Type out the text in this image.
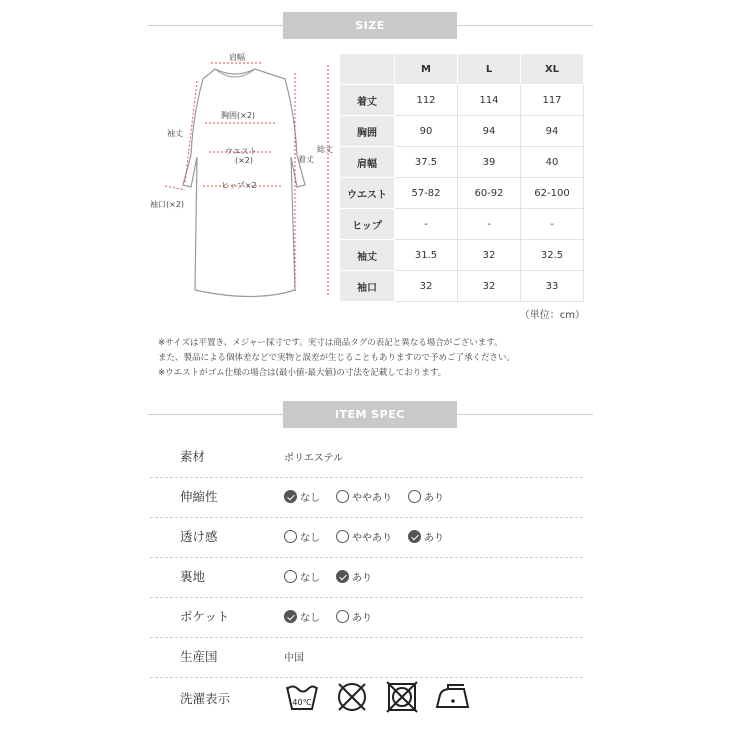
SIZE
肩幅
袖丈
胸囲(×2)
ウエスト
(×2)
ヒップ×2
袖口(×2)
着丈
総丈
	M	L	XL
着丈	112	114	117
胸囲	90	94	94
肩幅	37.5	39	40
ウエスト	57-82	60-92	62-100
ヒップ	-	-	-
袖丈	31.5	32	32.5
袖口	32	32	33
（単位：cm）
※サイズは平置き、メジャー採寸です。実寸は商品タグの表記と異なる場合がございます。
また、製品による個体差などで実物と誤差が生じることもありますので予めご了承ください。
※ウエストがゴム仕様の場合は(最小値-最大値)の寸法を記載しております。
iTEM SPEC
素材	ポリエステル
伸縮性	なし	ややあり	あり
透け感	なし	ややあり	あり
裏地	なし	あり
ポケット	なし	あり
生産国	中国
洗濯表示	40℃
